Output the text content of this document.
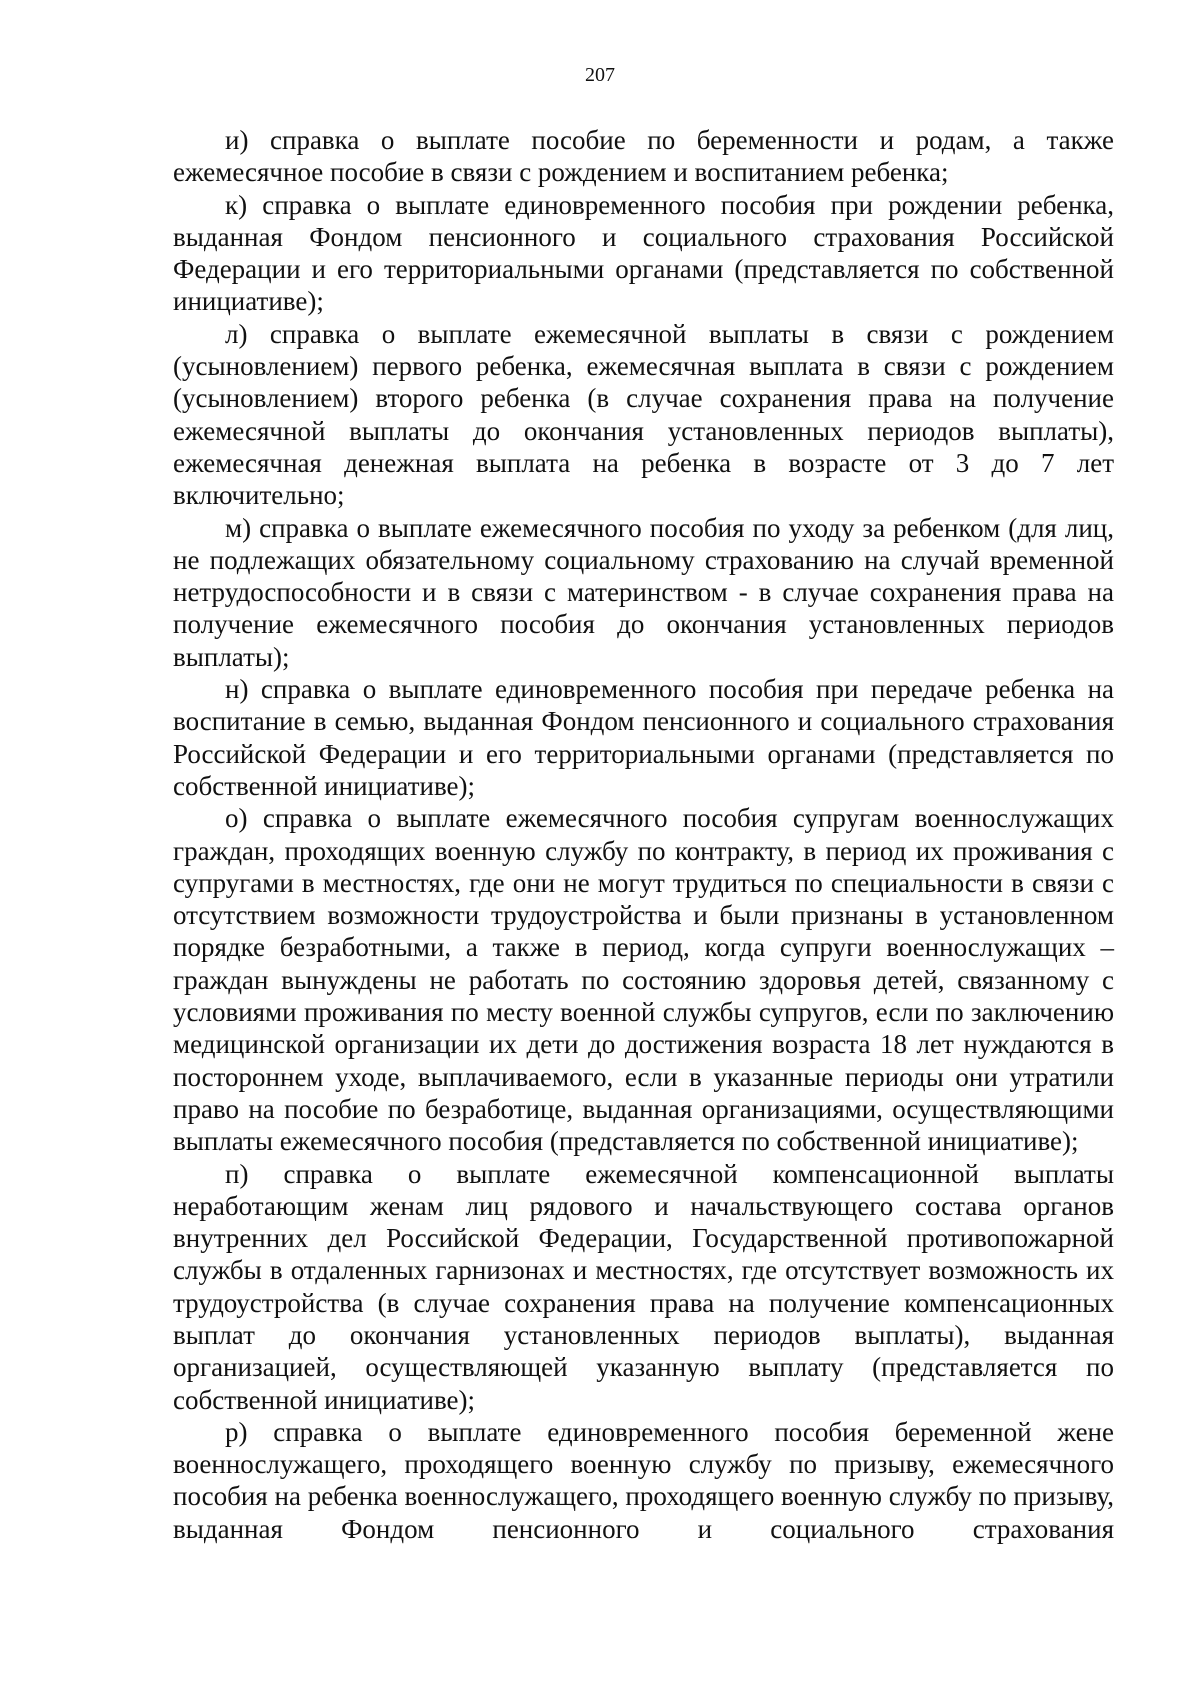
207

и) справка о выплате пособие по беременности и родам, а также ежемесячное пособие в связи с рождением и воспитанием ребенка;

к) справка о выплате единовременного пособия при рождении ребенка, выданная Фондом пенсионного и социального страхования Российской Федерации и его территориальными органами (представляется по собственной инициативе);

л) справка о выплате ежемесячной выплаты в связи с рождением (усыновлением) первого ребенка, ежемесячная выплата в связи с рождением (усыновлением) второго ребенка (в случае сохранения права на получение ежемесячной выплаты до окончания установленных периодов выплаты), ежемесячная денежная выплата на ребенка в возрасте от 3 до 7 лет включительно;

м) справка о выплате ежемесячного пособия по уходу за ребенком (для лиц, не подлежащих обязательному социальному страхованию на случай временной нетрудоспособности и в связи с материнством - в случае сохранения права на получение ежемесячного пособия до окончания установленных периодов выплаты);

н) справка о выплате единовременного пособия при передаче ребенка на воспитание в семью, выданная Фондом пенсионного и социального страхования Российской Федерации и его территориальными органами (представляется по собственной инициативе);

о) справка о выплате ежемесячного пособия супругам военнослужащих граждан, проходящих военную службу по контракту, в период их проживания с супругами в местностях, где они не могут трудиться по специальности в связи с отсутствием возможности трудоустройства и были признаны в установленном порядке безработными, а также в период, когда супруги военнослужащих – граждан вынуждены не работать по состоянию здоровья детей, связанному с условиями проживания по месту военной службы супругов, если по заключению медицинской организации их дети до достижения возраста 18 лет нуждаются в постороннем уходе, выплачиваемого, если в указанные периоды они утратили право на пособие по безработице, выданная организациями, осуществляющими выплаты ежемесячного пособия (представляется по собственной инициативе);

п) справка о выплате ежемесячной компенсационной выплаты неработающим женам лиц рядового и начальствующего состава органов внутренних дел Российской Федерации, Государственной противопожарной службы в отдаленных гарнизонах и местностях, где отсутствует возможность их трудоустройства (в случае сохранения права на получение компенсационных выплат до окончания установленных периодов выплаты), выданная организацией, осуществляющей указанную выплату (представляется по собственной инициативе);

р) справка о выплате единовременного пособия беременной жене военнослужащего, проходящего военную службу по призыву, ежемесячного пособия на ребенка военнослужащего, проходящего военную службу по призыву, выданная Фондом пенсионного и социального страхования
